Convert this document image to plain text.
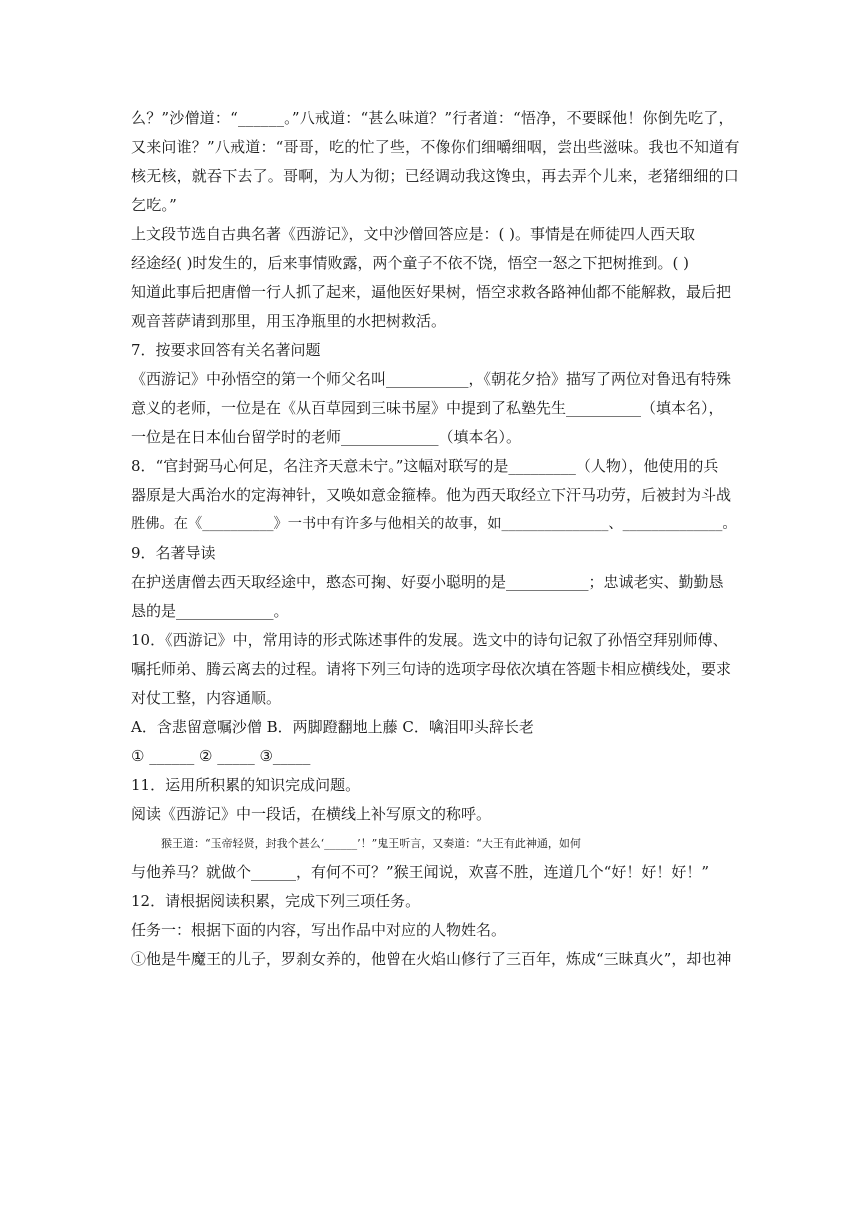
么？”沙僧道：“______。”八戒道：“甚么味道？”行者道：“悟净，不要睬他！你倒先吃了，
又来问谁？”八戒道：“哥哥，吃的忙了些，不像你们细嚼细咽，尝出些滋味。我也不知道有
核无核，就吞下去了。哥啊，为人为彻；已经调动我这馋虫，再去弄个儿来，老猪细细的口
乞吃。”
上文段节选自古典名著《西游记》，文中沙僧回答应是：( )。事情是在师徒四人西天取
经途经( )时发生的，后来事情败露，两个童子不依不饶，悟空一怒之下把树推到。( )
知道此事后把唐僧一行人抓了起来，逼他医好果树，悟空求救各路神仙都不能解救，最后把
观音菩萨请到那里，用玉净瓶里的水把树救活。
7．按要求回答有关名著问题
《西游记》中孙悟空的第一个师父名叫___________，《朝花夕拾》描写了两位对鲁迅有特殊
意义的老师，一位是在《从百草园到三味书屋》中提到了私塾先生__________（填本名），
一位是在日本仙台留学时的老师_____________（填本名）。
8．“官封弼马心何足，名注齐天意未宁。”这幅对联写的是_________（人物），他使用的兵
器原是大禹治水的定海神针，又唤如意金箍棒。他为西天取经立下汗马功劳，后被封为斗战
胜佛。在《__________》一书中有许多与他相关的故事，如_______________、______________。
9．名著导读
在护送唐僧去西天取经途中，憨态可掬、好耍小聪明的是___________；忠诚老实、勤勤恳
恳的是_____________。
10．《西游记》中，常用诗的形式陈述事件的发展。选文中的诗句记叙了孙悟空拜别师傅、
嘱托师弟、腾云离去的过程。请将下列三句诗的选项字母依次填在答题卡相应横线处，要求
对仗工整，内容通顺。
A．含悲留意嘱沙僧 B．两脚蹬翻地上藤 C．噙泪叩头辞长老
① ______ ② _____ ③_____
11．运用所积累的知识完成问题。
阅读《西游记》中一段话，在横线上补写原文的称呼。
猴王道：“玉帝轻贤，封我个甚么‘______’！”鬼王听言，又奏道：“大王有此神通，如何
与他养马？就做个______，有何不可？”猴王闻说，欢喜不胜，连道几个“好！好！好！”
12．请根据阅读积累，完成下列三项任务。
任务一：根据下面的内容，写出作品中对应的人物姓名。
①他是牛魔王的儿子，罗刹女养的，他曾在火焰山修行了三百年，炼成“三昧真火”，却也神
